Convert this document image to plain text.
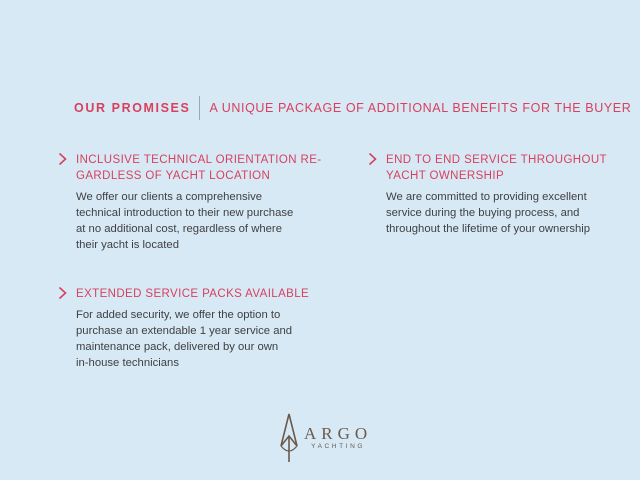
OUR PROMISES A UNIQUE PACKAGE OF ADDITIONAL BENEFITS FOR THE BUYER

INCLUSIVE TECHNICAL ORIENTATION RE-
GARDLESS OF YACHT LOCATION

We offer our clients a comprehensive
technical introduction to their new purchase
at no additional cost, regardless of where
their yacht is located

END TO END SERVICE THROUGHOUT
YACHT OWNERSHIP

We are committed to providing excellent
service during the buying process, and
throughout the lifetime of your ownership

EXTENDED SERVICE PACKS AVAILABLE

For added security, we offer the option to
purchase an extendable 1 year service and
maintenance pack, delivered by our own
in-house technicians

ARGO
YACHTING
